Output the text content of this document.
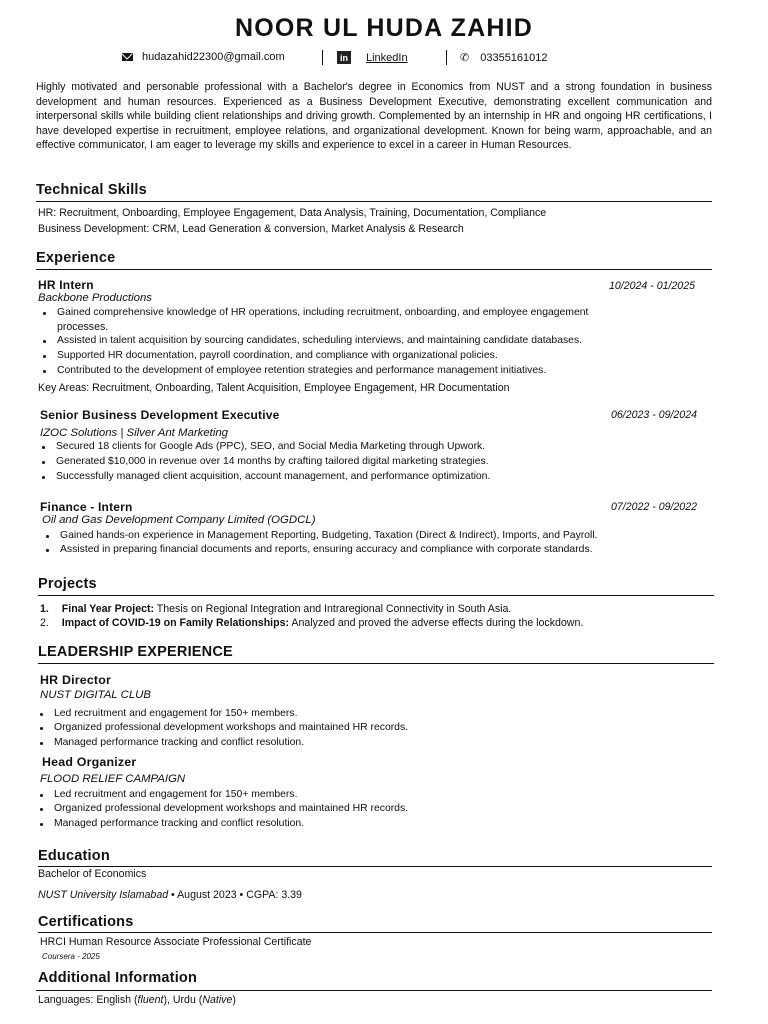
NOOR UL HUDA ZAHID
hudazahid22300@gmail.com	in LinkedIn	✆ 03355161012
Highly motivated and personable professional with a Bachelor's degree in Economics from NUST and a strong foundation in business development and human resources. Experienced as a Business Development Executive, demonstrating excellent communication and interpersonal skills while building client relationships and driving growth. Complemented by an internship in HR and ongoing HR certifications, I have developed expertise in recruitment, employee relations, and organizational development. Known for being warm, approachable, and an effective communicator, I am eager to leverage my skills and experience to excel in a career in Human Resources.
Technical Skills
HR: Recruitment, Onboarding, Employee Engagement, Data Analysis, Training, Documentation, Compliance
Business Development: CRM, Lead Generation & conversion, Market Analysis & Research
Experience
HR Intern	10/2024 - 01/2025
Backbone Productions
Gained comprehensive knowledge of HR operations, including recruitment, onboarding, and employee engagement
processes.
Assisted in talent acquisition by sourcing candidates, scheduling interviews, and maintaining candidate databases.
Supported HR documentation, payroll coordination, and compliance with organizational policies.
Contributed to the development of employee retention strategies and performance management initiatives.
Key Areas: Recruitment, Onboarding, Talent Acquisition, Employee Engagement, HR Documentation
Senior Business Development Executive	06/2023 - 09/2024
IZOC Solutions | Silver Ant Marketing
Secured 18 clients for Google Ads (PPC), SEO, and Social Media Marketing through Upwork.
Generated $10,000 in revenue over 14 months by crafting tailored digital marketing strategies.
Successfully managed client acquisition, account management, and performance optimization.
Finance - Intern	07/2022 - 09/2022
Oil and Gas Development Company Limited (OGDCL)
Gained hands-on experience in Management Reporting, Budgeting, Taxation (Direct & Indirect), Imports, and Payroll.
Assisted in preparing financial documents and reports, ensuring accuracy and compliance with corporate standards.
Projects
1. Final Year Project: Thesis on Regional Integration and Intraregional Connectivity in South Asia.
2. Impact of COVID-19 on Family Relationships: Analyzed and proved the adverse effects during the lockdown.
LEADERSHIP EXPERIENCE
HR Director
NUST DIGITAL CLUB
Led recruitment and engagement for 150+ members.
Organized professional development workshops and maintained HR records.
Managed performance tracking and conflict resolution.
Head Organizer
FLOOD RELIEF CAMPAIGN
Led recruitment and engagement for 150+ members.
Organized professional development workshops and maintained HR records.
Managed performance tracking and conflict resolution.
Education
Bachelor of Economics
NUST University Islamabad • August 2023 • CGPA: 3.39
Certifications
HRCI Human Resource Associate Professional Certificate
Coursera - 2025
Additional Information
Languages: English (fluent), Urdu (Native)
